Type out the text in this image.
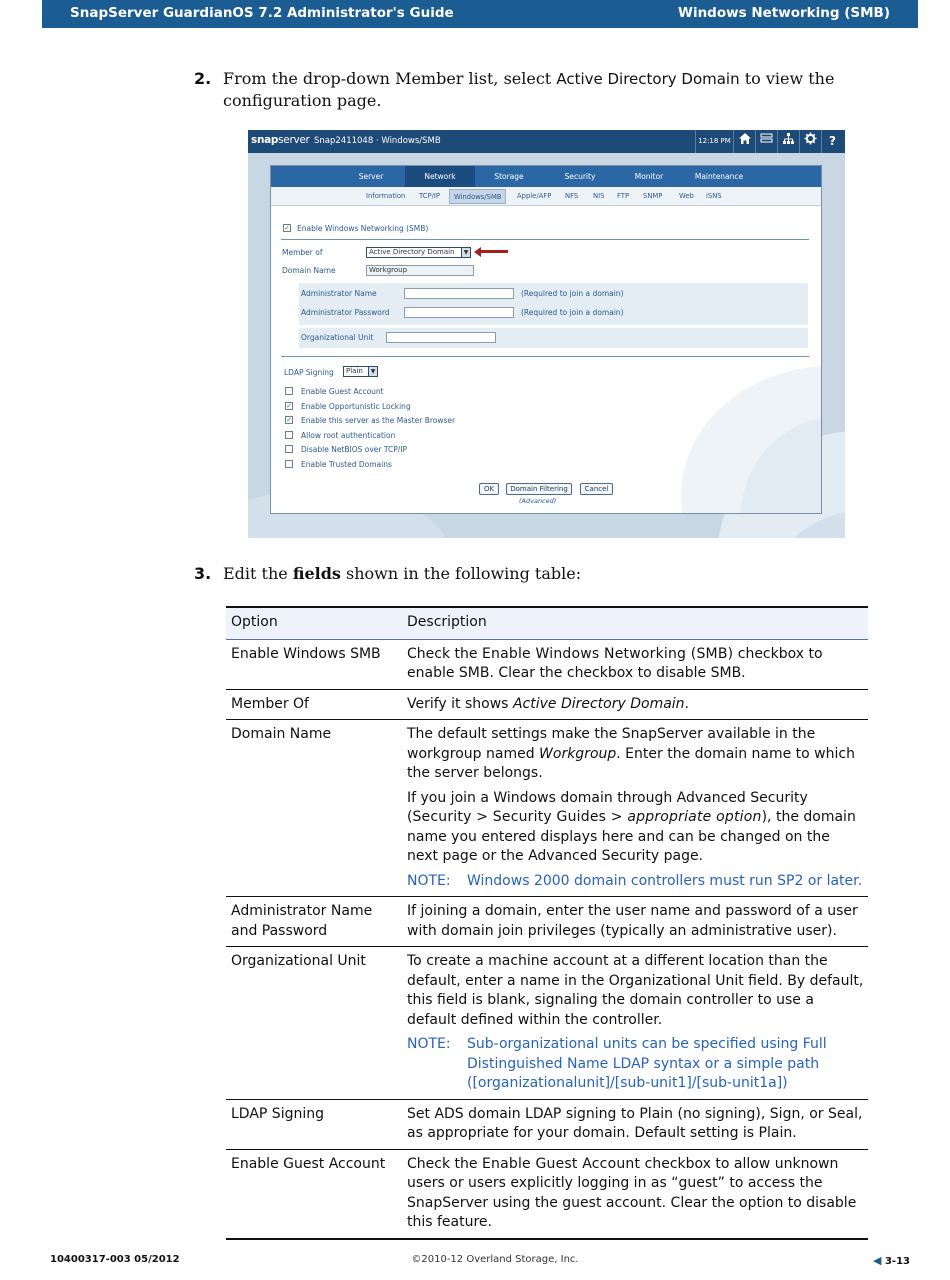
SnapServer GuardianOS 7.2 Administrator's Guide	Windows Networking (SMB)
2. From the drop-down Member list, select Active Directory Domain to view the configuration page.
snapserver Snap2411048 · Windows/SMB	12:18 PM	?
Server	Network	Storage	Security	Monitor	Maintenance
Information TCP/IP	Windows/SMB	Apple/AFP NFS NIS FTP SNMP Web iSNS
✓ Enable Windows Networking (SMB)
Member of	Active Directory Domain	▼
Domain Name	Workgroup
Administrator Name	(Required to join a domain)
Administrator Password	(Required to join a domain)
Organizational Unit
LDAP Signing	Plain	▼
Enable Guest Account
✓ Enable Opportunistic Locking
✓ Enable this server as the Master Browser
Allow root authentication
Disable NetBIOS over TCP/IP
Enable Trusted Domains
OK	Domain Filtering	Cancel
(Advanced)
3. Edit the fields shown in the following table:
Option	Description
Enable Windows SMB	Check the Enable Windows Networking (SMB) checkbox to enable SMB. Clear the checkbox to disable SMB.
Member Of	Verify it shows Active Directory Domain.
Domain Name	The default settings make the SnapServer available in the workgroup named Workgroup. Enter the domain name to which the server belongs.

If you join a Windows domain through Advanced Security (Security > Security Guides > appropriate option), the domain name you entered displays here and can be changed on the next page or the Advanced Security page.

NOTE: Windows 2000 domain controllers must run SP2 or later.

Administrator Name
and Password	If joining a domain, enter the user name and password of a user with domain join privileges (typically an administrative user).
Organizational Unit	To create a machine account at a different location than the default, enter a name in the Organizational Unit field. By default, this field is blank, signaling the domain controller to use a default defined within the controller.

NOTE: Sub-organizational units can be specified using Full Distinguished Name LDAP syntax or a simple path ([organizationalunit]/[sub-unit1]/[sub-unit1a])

LDAP Signing	Set ADS domain LDAP signing to Plain (no signing), Sign, or Seal, as appropriate for your domain. Default setting is Plain.
Enable Guest Account	Check the Enable Guest Account checkbox to allow unknown users or users explicitly logging in as “guest” to access the SnapServer using the guest account. Clear the option to disable this feature.
10400317-003 05/2012	©2010-12 Overland Storage, Inc.	◀ 3-13
